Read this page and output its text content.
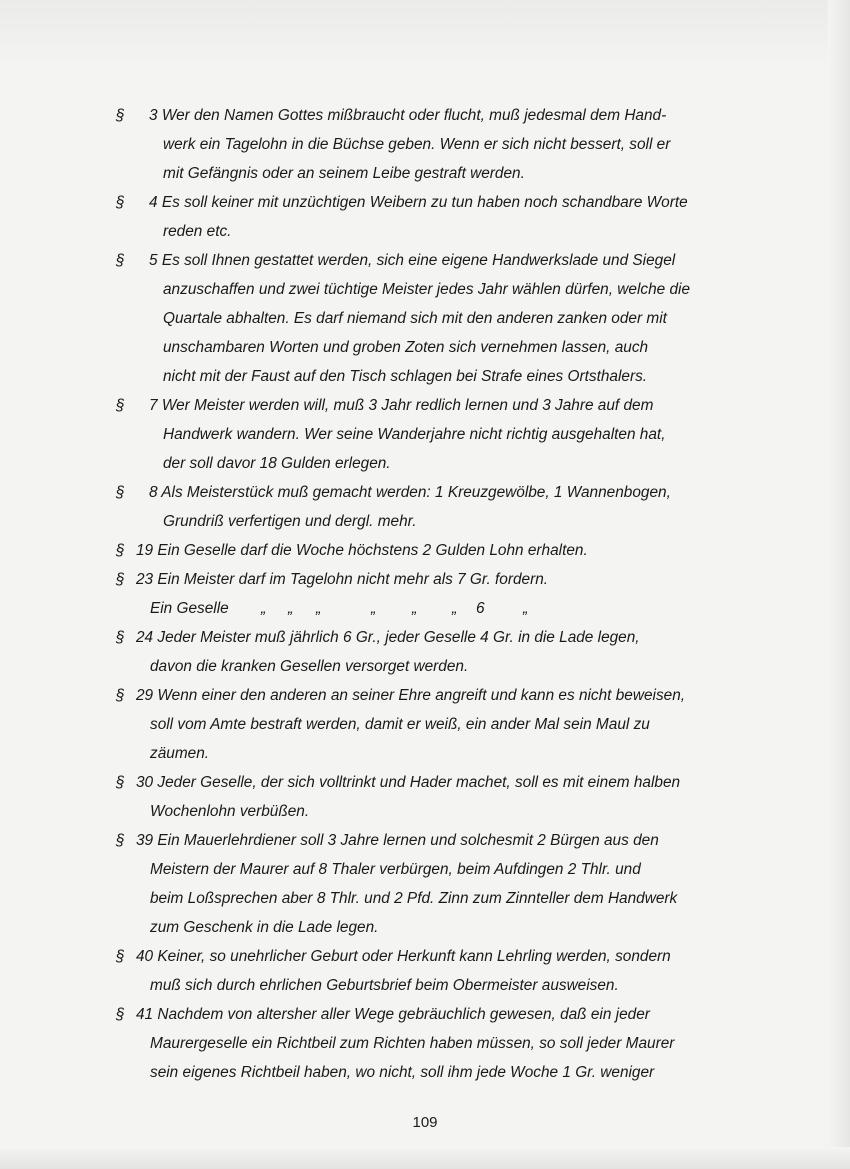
§	3 Wer den Namen Gottes mißbraucht oder flucht, muß jedesmal dem Hand-
werk ein Tagelohn in die Büchse geben. Wenn er sich nicht bessert, soll er
mit Gefängnis oder an seinem Leibe gestraft werden.
§	4 Es soll keiner mit unzüchtigen Weibern zu tun haben noch schandbare Worte
reden etc.
§	5 Es soll Ihnen gestattet werden, sich eine eigene Handwerkslade und Siegel
anzuschaffen und zwei tüchtige Meister jedes Jahr wählen dürfen, welche die
Quartale abhalten. Es darf niemand sich mit den anderen zanken oder mit
unschambaren Worten und groben Zoten sich vernehmen lassen, auch
nicht mit der Faust auf den Tisch schlagen bei Strafe eines Ortsthalers.
§	7 Wer Meister werden will, muß 3 Jahr redlich lernen und 3 Jahre auf dem
Handwerk wandern. Wer seine Wanderjahre nicht richtig ausgehalten hat,
der soll davor 18 Gulden erlegen.
§	8 Als Meisterstück muß gemacht werden: 1 Kreuzgewölbe, 1 Wannenbogen,
Grundriß verfertigen und dergl. mehr.
§ 19 Ein Geselle darf die Woche höchstens 2 Gulden Lohn erhalten.
§ 23 Ein Meister darf im Tagelohn nicht mehr als 7 Gr. fordern.
Ein Geselle „ „ „	„ „ „	„
6
§ 24 Jeder Meister muß jährlich 6 Gr., jeder Geselle 4 Gr. in die Lade legen,
davon die kranken Gesellen versorget werden.
§ 29 Wenn einer den anderen an seiner Ehre angreift und kann es nicht beweisen,
soll vom Amte bestraft werden, damit er weiß, ein ander Mal sein Maul zu
zäumen.
§ 30 Jeder Geselle, der sich volltrinkt und Hader machet, soll es mit einem halben
Wochenlohn verbüßen.
§ 39 Ein Mauerlehrdiener soll 3 Jahre lernen und solchesmit 2 Bürgen aus den
Meistern der Maurer auf 8 Thaler verbürgen, beim Aufdingen 2 Thlr. und
beim Loßsprechen aber 8 Thlr. und 2 Pfd. Zinn zum Zinnteller dem Handwerk
zum Geschenk in die Lade legen.
§ 40 Keiner, so unehrlicher Geburt oder Herkunft kann Lehrling werden, sondern
muß sich durch ehrlichen Geburtsbrief beim Obermeister ausweisen.
§ 41 Nachdem von altersher aller Wege gebräuchlich gewesen, daß ein jeder
Maurergeselle ein Richtbeil zum Richten haben müssen, so soll jeder Maurer
sein eigenes Richtbeil haben, wo nicht, soll ihm jede Woche 1 Gr. weniger
109
